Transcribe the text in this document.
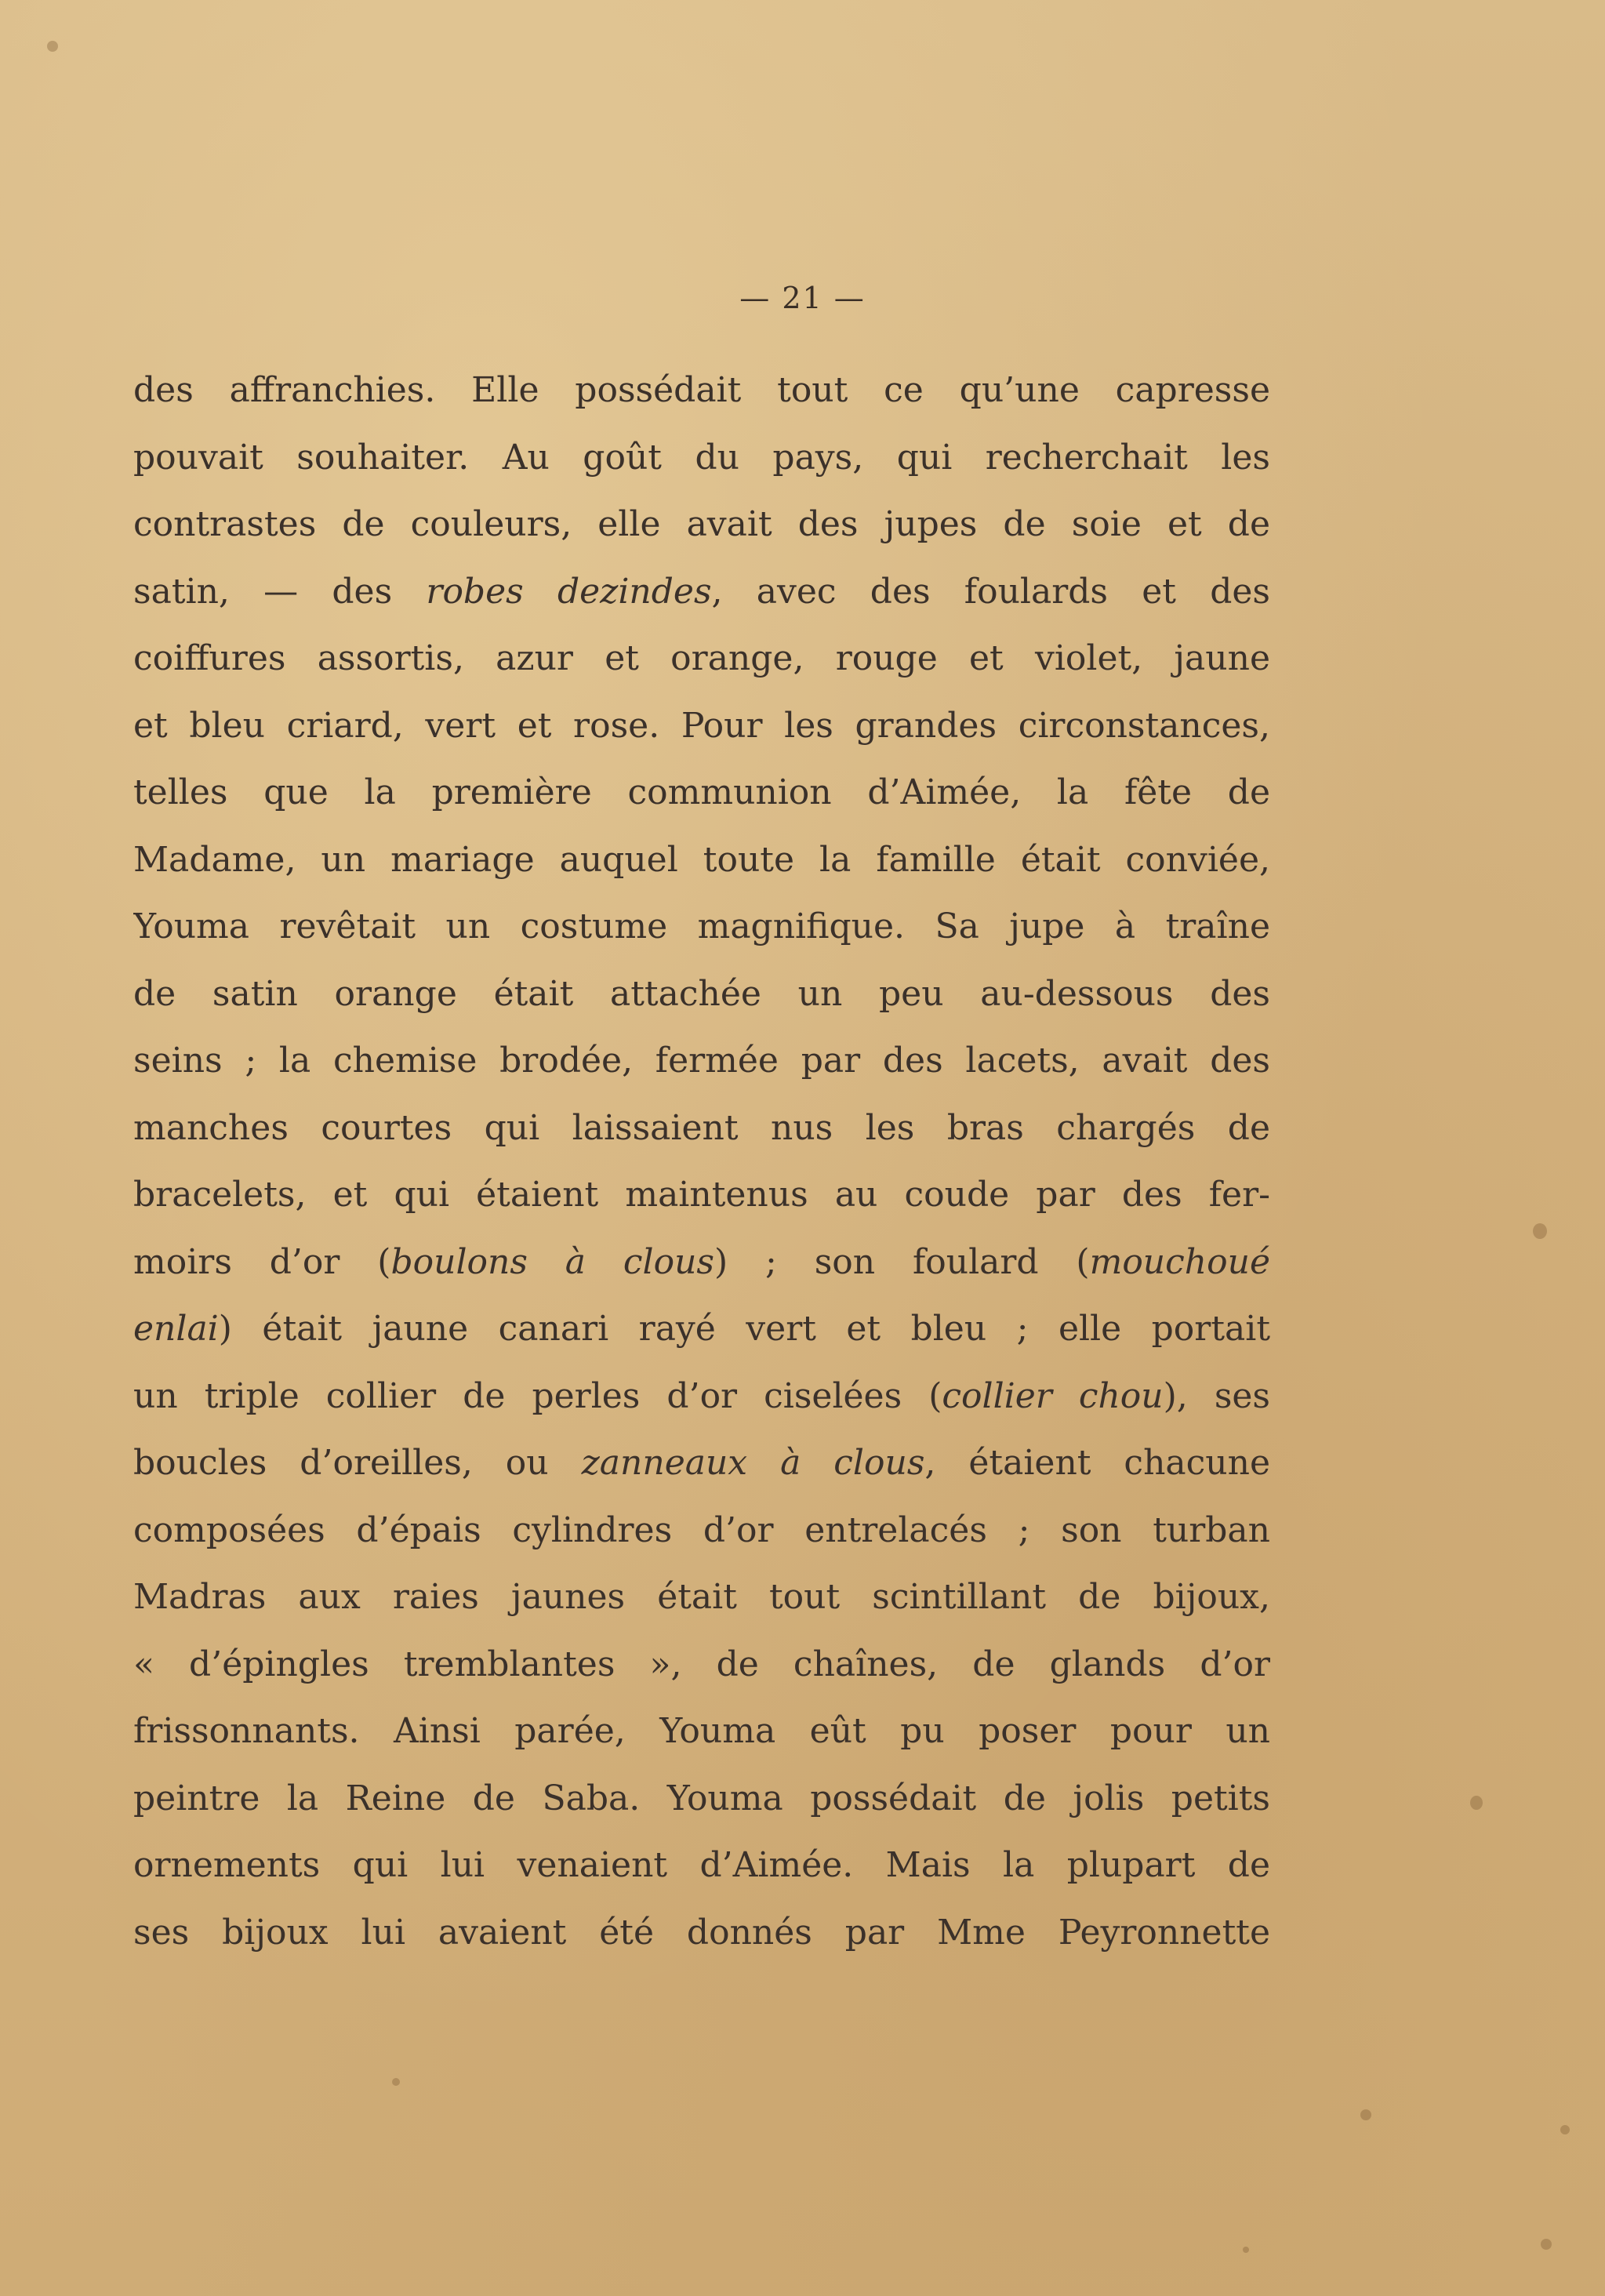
— 21 —
des affranchies. Elle possédait tout ce qu’une capresse
pouvait souhaiter. Au goût du pays, qui recherchait les
contrastes de couleurs, elle avait des jupes de soie et de
satin, — des robes dezindes, avec des foulards et des
coiffures assortis, azur et orange, rouge et violet, jaune
et bleu criard, vert et rose. Pour les grandes circonstances,
telles que la première communion d’Aimée, la fête de
Madame, un mariage auquel toute la famille était conviée,
Youma revêtait un costume magnifique. Sa jupe à traîne
de satin orange était attachée un peu au-dessous des
seins ; la chemise brodée, fermée par des lacets, avait des
manches courtes qui laissaient nus les bras chargés de
bracelets, et qui étaient maintenus au coude par des fer-
moirs d’or (boulons à clous) ; son foulard (mouchoué
enlai) était jaune canari rayé vert et bleu ; elle portait
un triple collier de perles d’or ciselées (collier chou), ses
boucles d’oreilles, ou zanneaux à clous, étaient chacune
composées d’épais cylindres d’or entrelacés ; son turban
Madras aux raies jaunes était tout scintillant de bijoux,
« d’épingles tremblantes », de chaînes, de glands d’or
frissonnants. Ainsi parée, Youma eût pu poser pour un
peintre la Reine de Saba. Youma possédait de jolis petits
ornements qui lui venaient d’Aimée. Mais la plupart de
ses bijoux lui avaient été donnés par Mme Peyronnette
